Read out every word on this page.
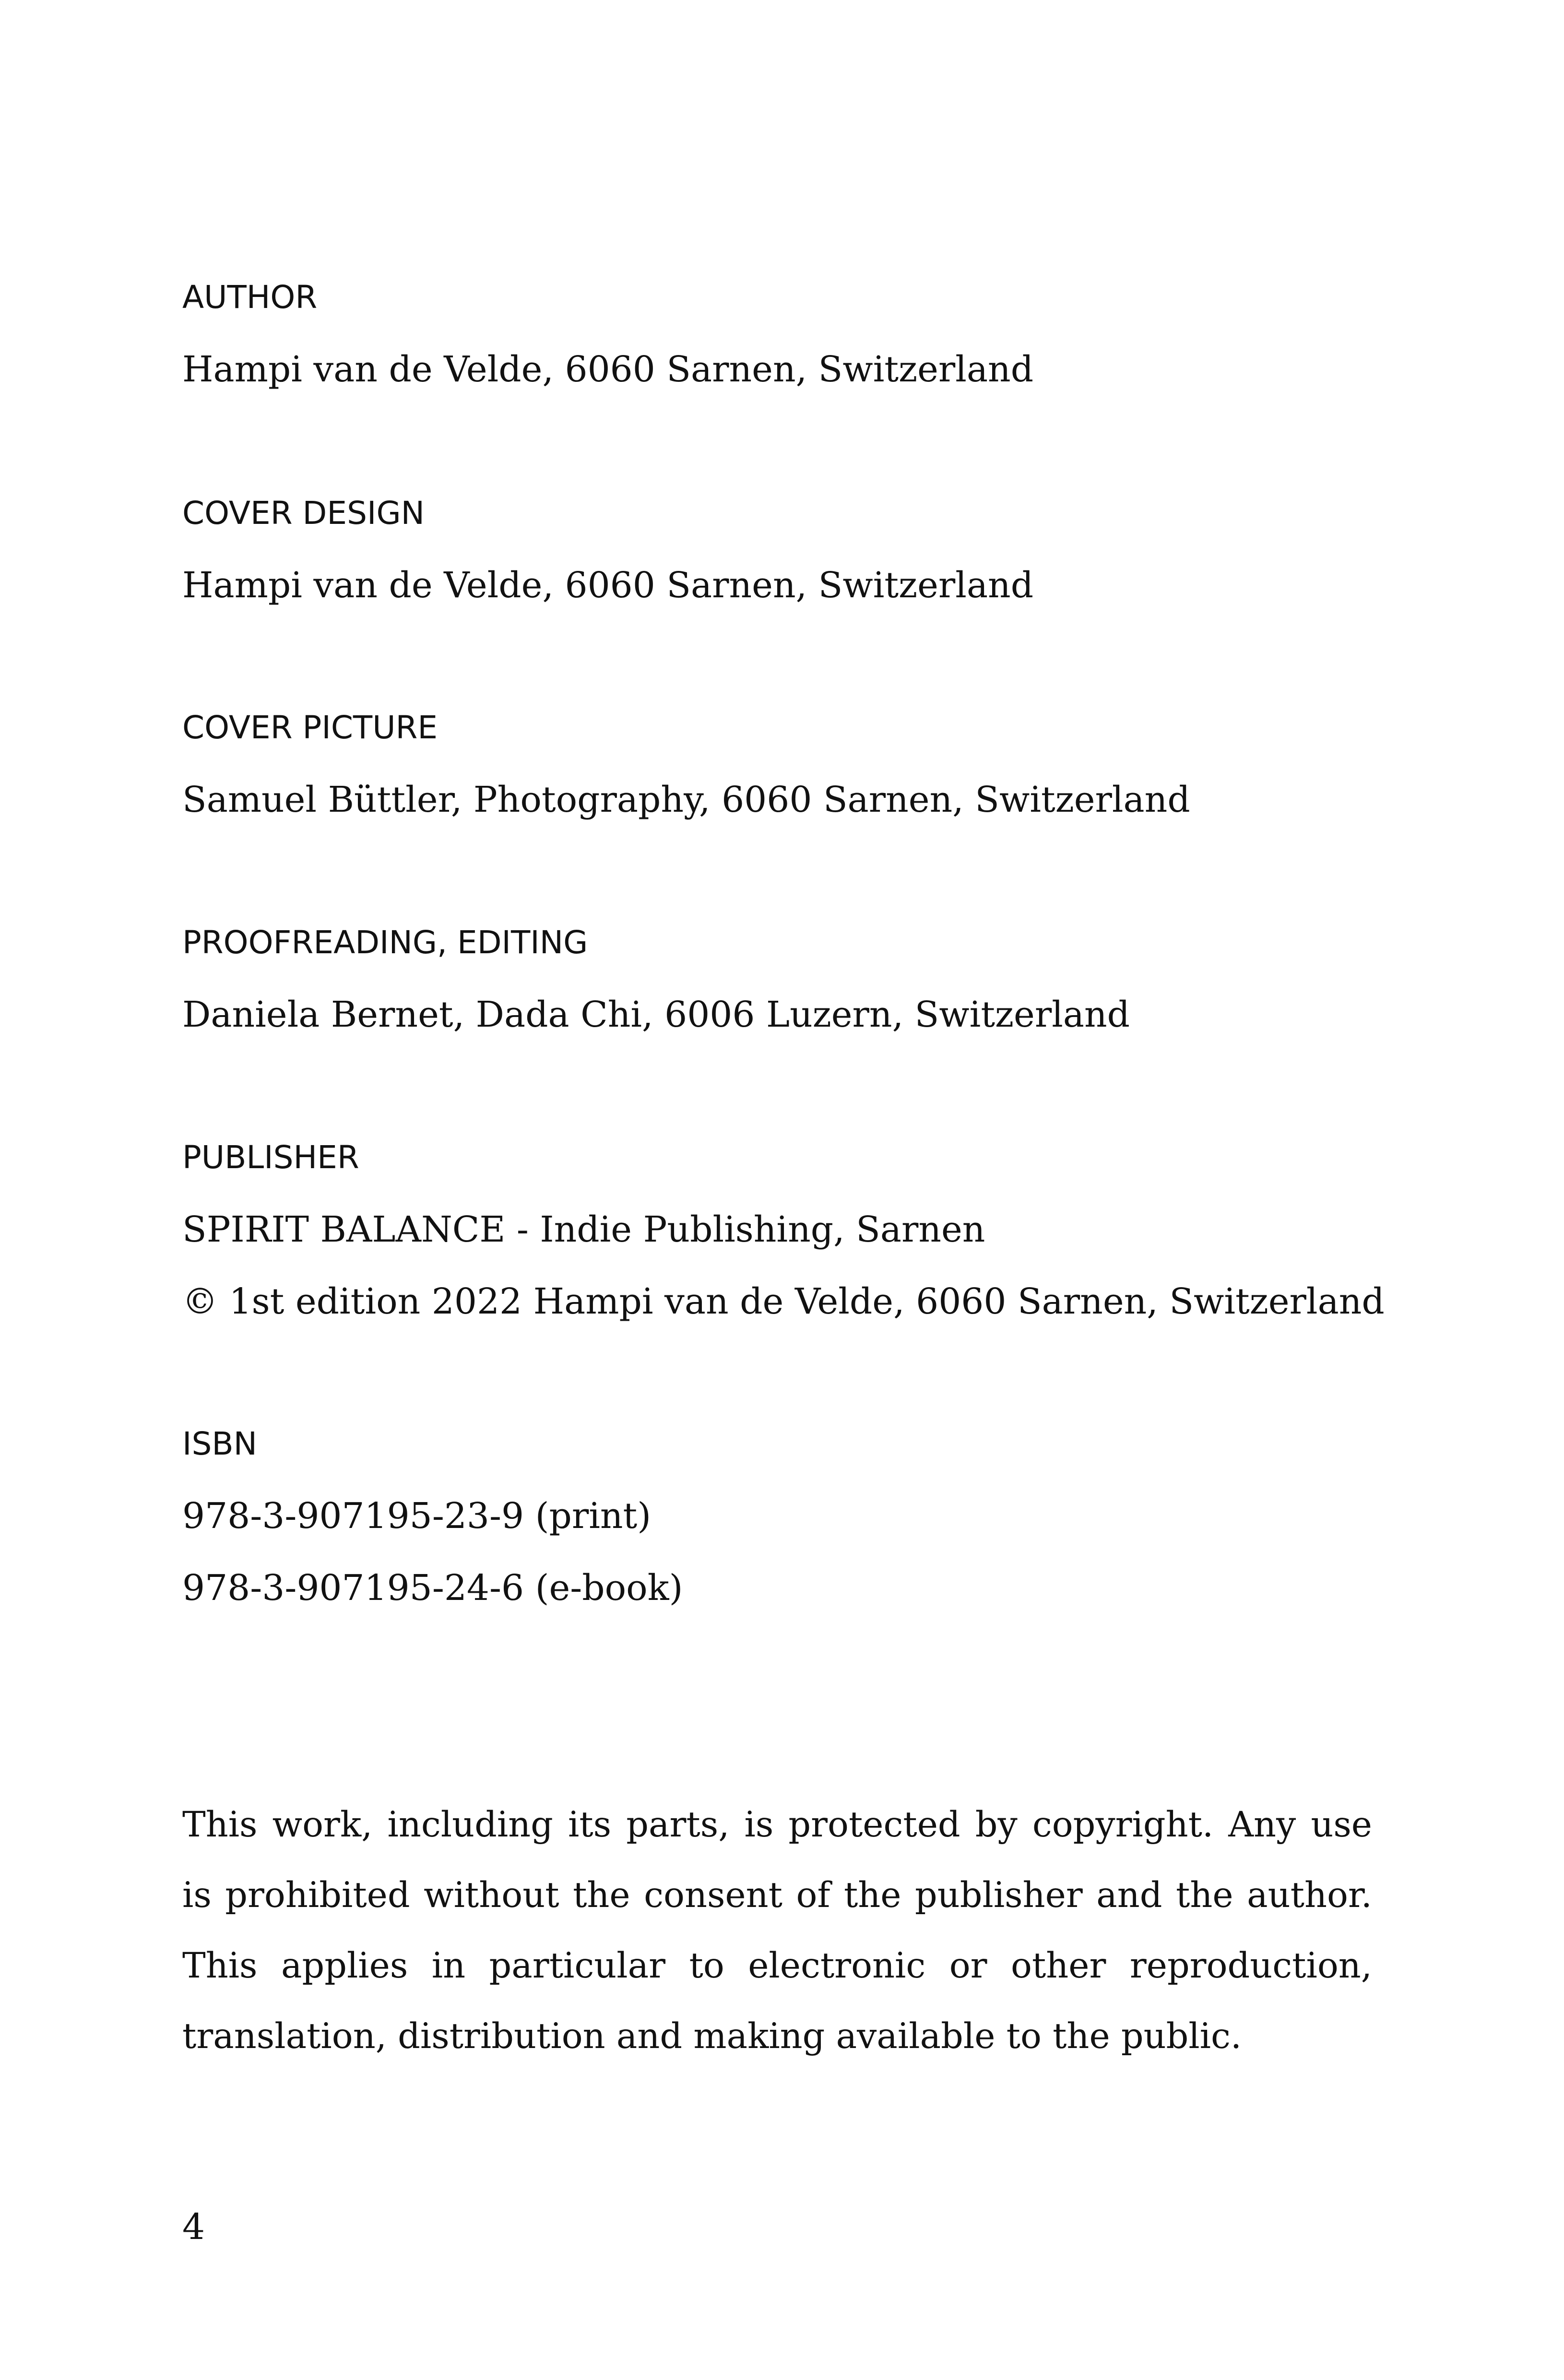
AUTHOR
Hampi van de Velde, 6060 Sarnen, Switzerland
COVER DESIGN
Hampi van de Velde, 6060 Sarnen, Switzerland
COVER PICTURE
Samuel Büttler, Photography, 6060 Sarnen, Switzerland
PROOFREADING, EDITING
Daniela Bernet, Dada Chi, 6006 Luzern, Switzerland
PUBLISHER
SPIRIT BALANCE - Indie Publishing, Sarnen
© 1st edition 2022 Hampi van de Velde, 6060 Sarnen, Switzerland
ISBN
978-3-907195-23-9 (print)
978-3-907195-24-6 (e-book)

This work, including its parts, is protected by copyright. Any use is prohibited without the consent of the publisher and the author. This applies in particular to electronic or other reproduction, translation, distribution and making available to the public.

4
